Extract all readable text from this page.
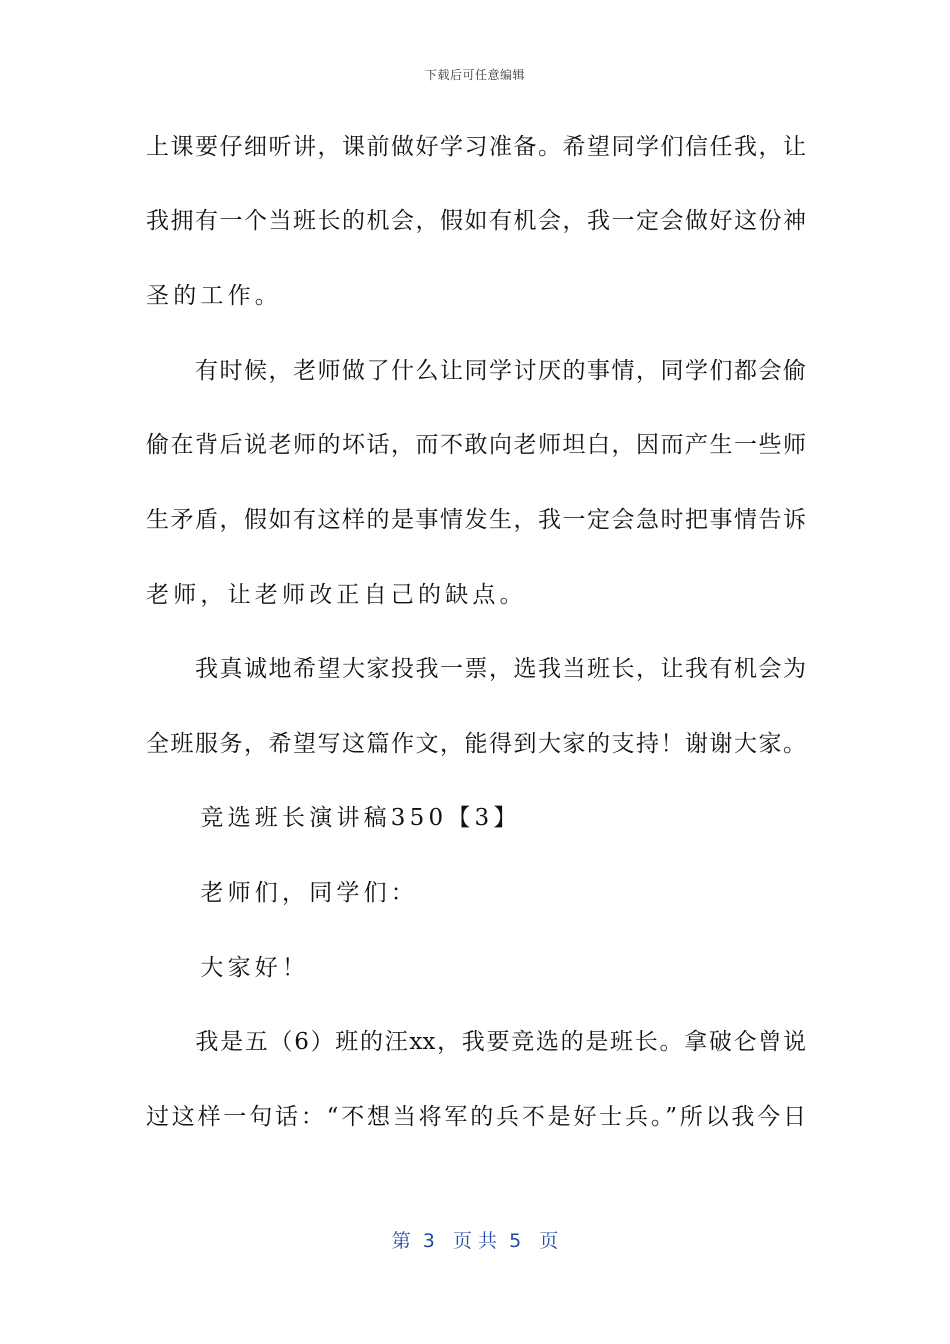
下载后可任意编辑
上课要仔细听讲，课前做好学习准备。希望同学们信任我，让
我拥有一个当班长的机会，假如有机会，我一定会做好这份神
圣的工作。
　　有时候，老师做了什么让同学讨厌的事情，同学们都会偷
偷在背后说老师的坏话，而不敢向老师坦白，因而产生一些师
生矛盾，假如有这样的是事情发生，我一定会急时把事情告诉
老师，让老师改正自己的缺点。
　　我真诚地希望大家投我一票，选我当班长，让我有机会为
全班服务，希望写这篇作文，能得到大家的支持！谢谢大家。
　　竞选班长演讲稿350【3】
　　老师们，同学们：
　　大家好！
　　我是五（6）班的汪xx，我要竞选的是班长。拿破仑曾说
过这样一句话：“不想当将军的兵不是好士兵。”所以我今日
第  3   页 共  5   页
